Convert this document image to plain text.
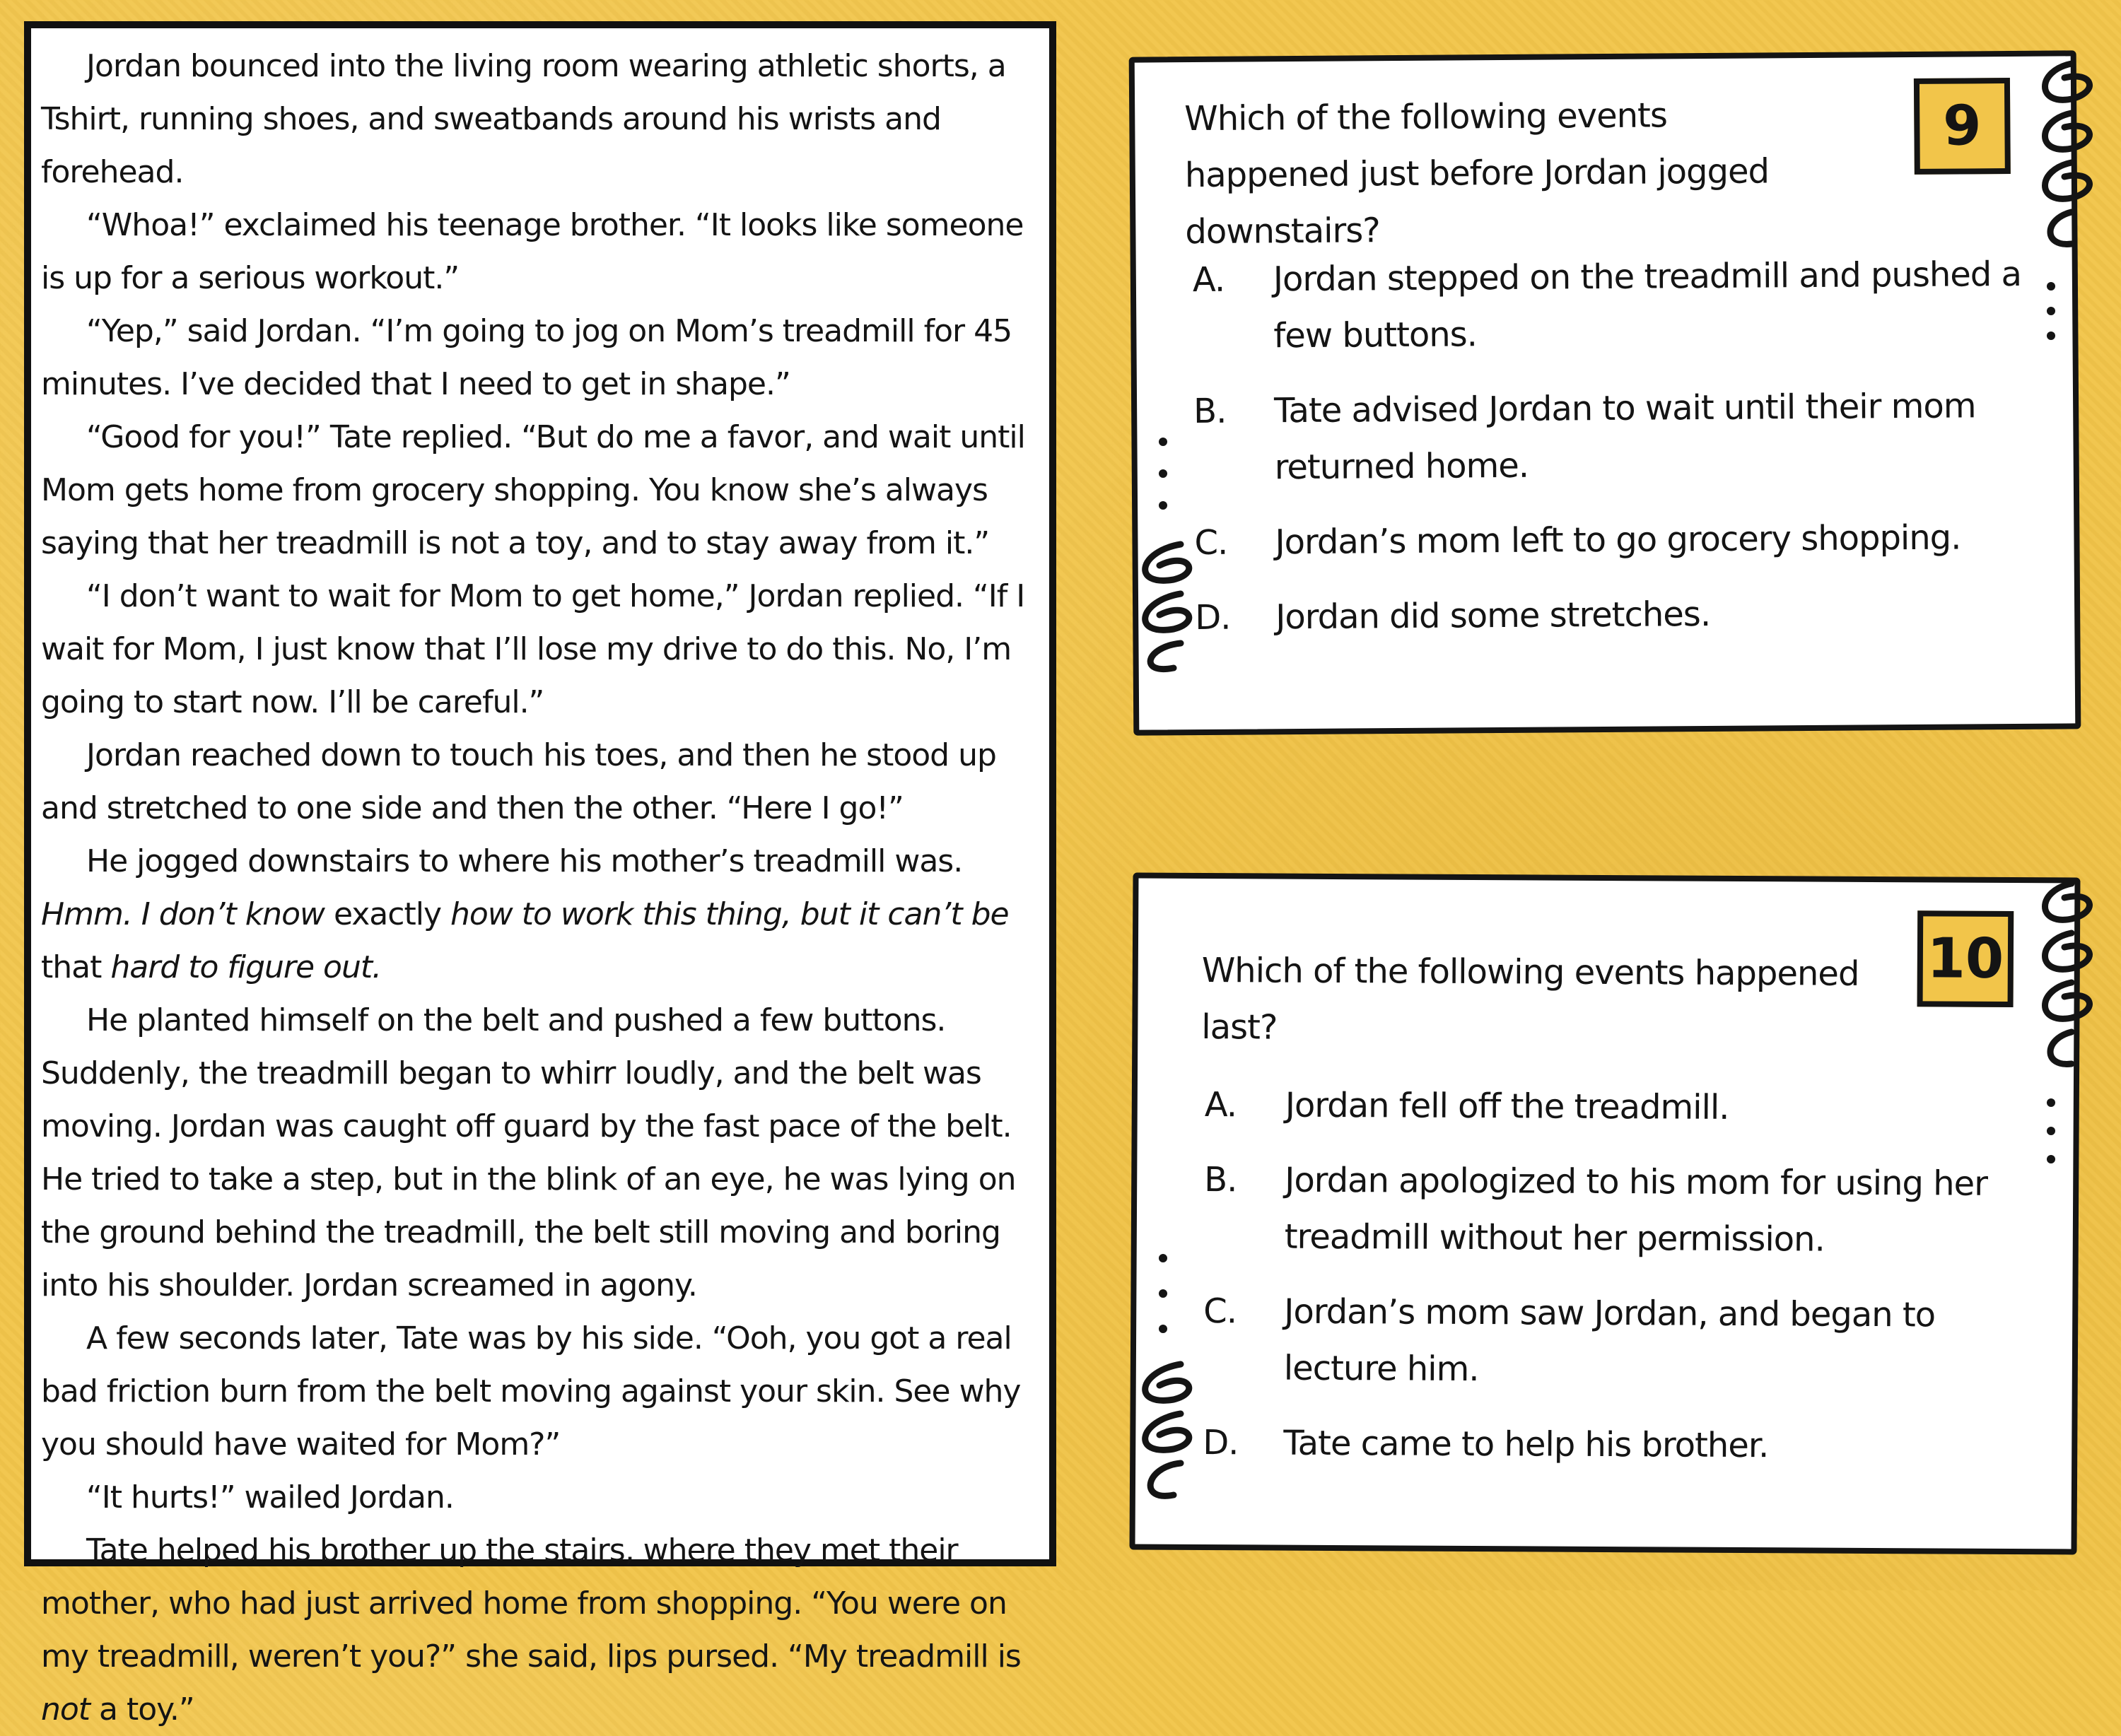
Jordan bounced into the living room wearing athletic shorts, a Tshirt, running shoes, and sweatbands around his wrists and forehead.

“Whoa!” exclaimed his teenage brother. “It looks like someone is up for a serious workout.”

“Yep,” said Jordan. “I’m going to jog on Mom’s treadmill for 45 minutes. I’ve decided that I need to get in shape.”

“Good for you!” Tate replied. “But do me a favor, and wait until Mom gets home from grocery shopping. You know she’s always saying that her treadmill is not a toy, and to stay away from it.”

“I don’t want to wait for Mom to get home,” Jordan replied. “If I wait for Mom, I just know that I’ll lose my drive to do this. No, I’m going to start now. I’ll be careful.”

Jordan reached down to touch his toes, and then he stood up and stretched to one side and then the other. “Here I go!”

He jogged downstairs to where his mother’s treadmill was. Hmm. I don’t know exactly how to work this thing, but it can’t be that hard to figure out.

He planted himself on the belt and pushed a few buttons. Suddenly, the treadmill began to whirr loudly, and the belt was moving. Jordan was caught off guard by the fast pace of the belt. He tried to take a step, but in the blink of an eye, he was lying on the ground behind the treadmill, the belt still moving and boring into his shoulder. Jordan screamed in agony.

A few seconds later, Tate was by his side. “Ooh, you got a real bad friction burn from the belt moving against your skin. See why you should have waited for Mom?”

“It hurts!” wailed Jordan.

Tate helped his brother up the stairs, where they met their mother, who had just arrived home from shopping. “You were on my treadmill, weren’t you?” she said, lips pursed. “My treadmill is not a toy.”

Which of the following events happened just before Jordan jogged downstairs?
9
A.	Jordan stepped on the treadmill and pushed a few buttons.
B.	Tate advised Jordan to wait until their mom returned home.
C.	Jordan’s mom left to go grocery shopping.
D.	Jordan did some stretches.
Which of the following events happened last?
10
A.	Jordan fell off the treadmill.
B.	Jordan apologized to his mom for using her treadmill without her permission.
C.	Jordan’s mom saw Jordan, and began to lecture him.
D.	Tate came to help his brother.
